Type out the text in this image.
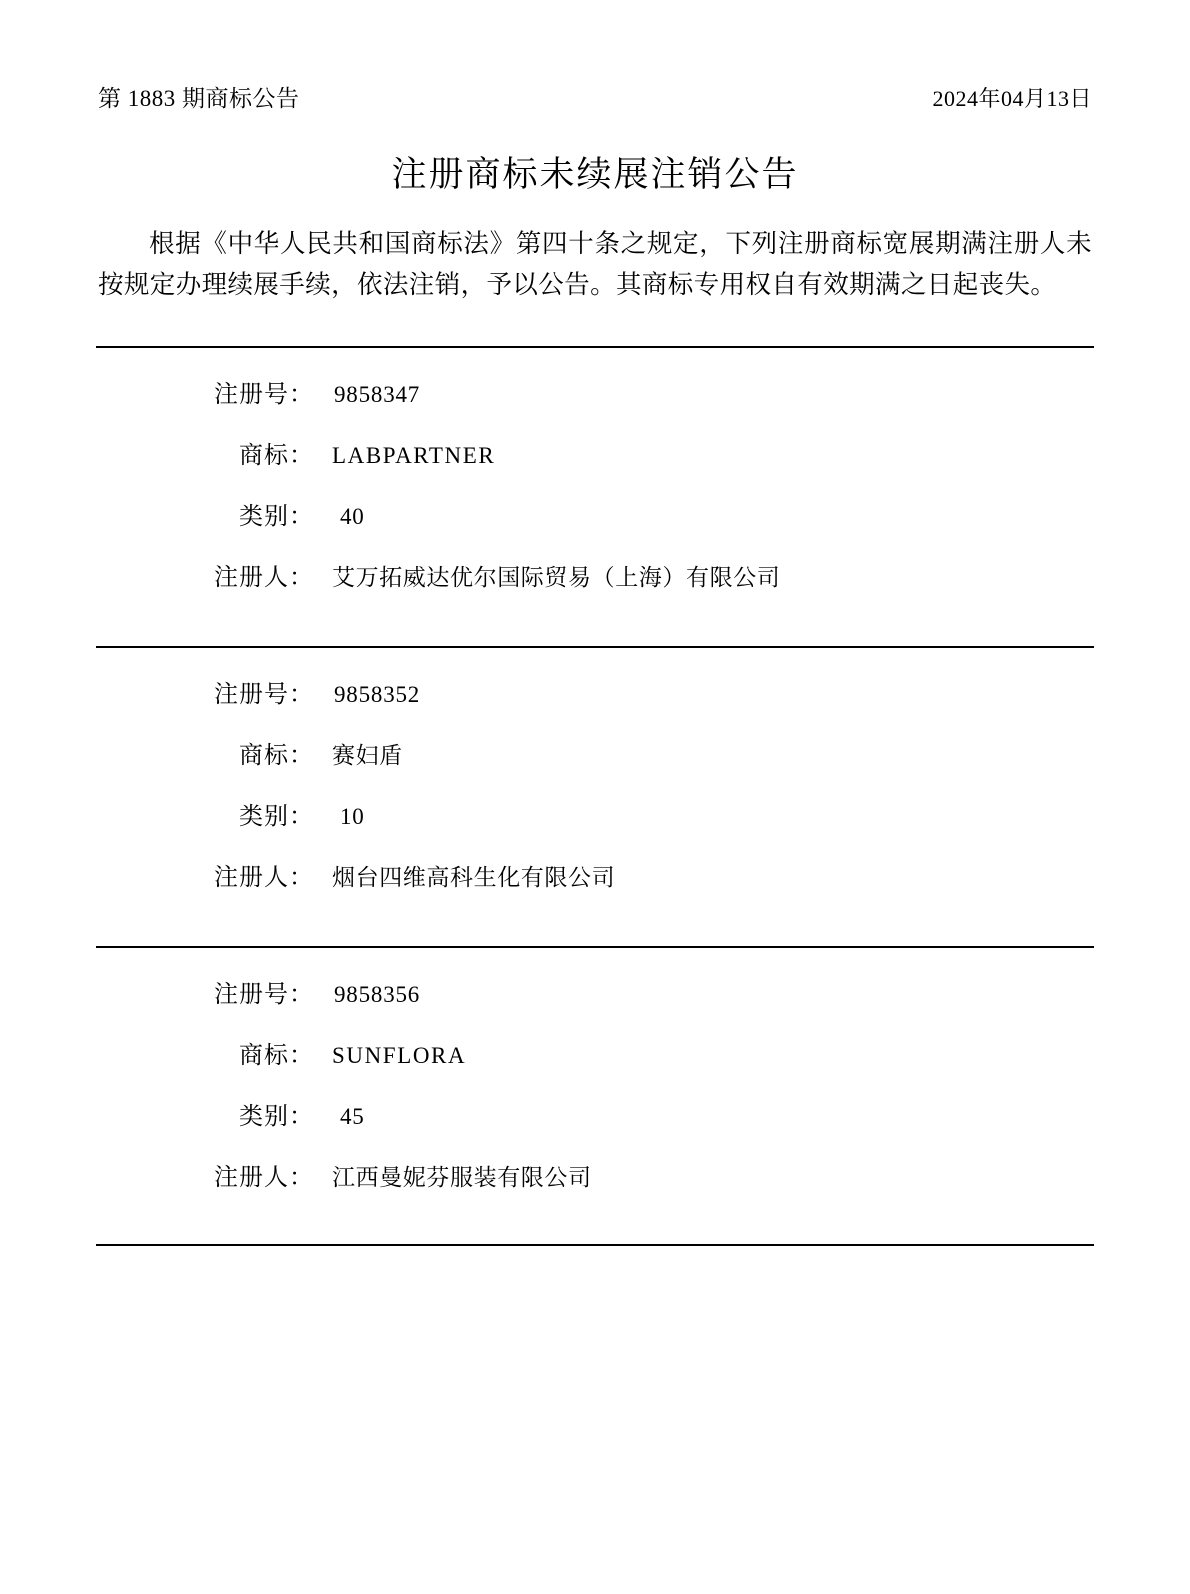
第 1883 期商标公告	2024年04月13日
注册商标未续展注销公告

根据《中华人民共和国商标法》第四十条之规定，下列注册商标宽展期满注册人未按规定办理续展手续，依法注销，予以公告。其商标专用权自有效期满之日起丧失。

注册号： 9858347
商标： LABPARTNER
类别：	40
注册人： 艾万拓威达优尔国际贸易（上海）有限公司
注册号： 9858352
商标： 赛妇盾
类别：	10
注册人： 烟台四维高科生化有限公司
注册号： 9858356
商标： SUNFLORA
类别：	45
注册人： 江西曼妮芬服装有限公司
